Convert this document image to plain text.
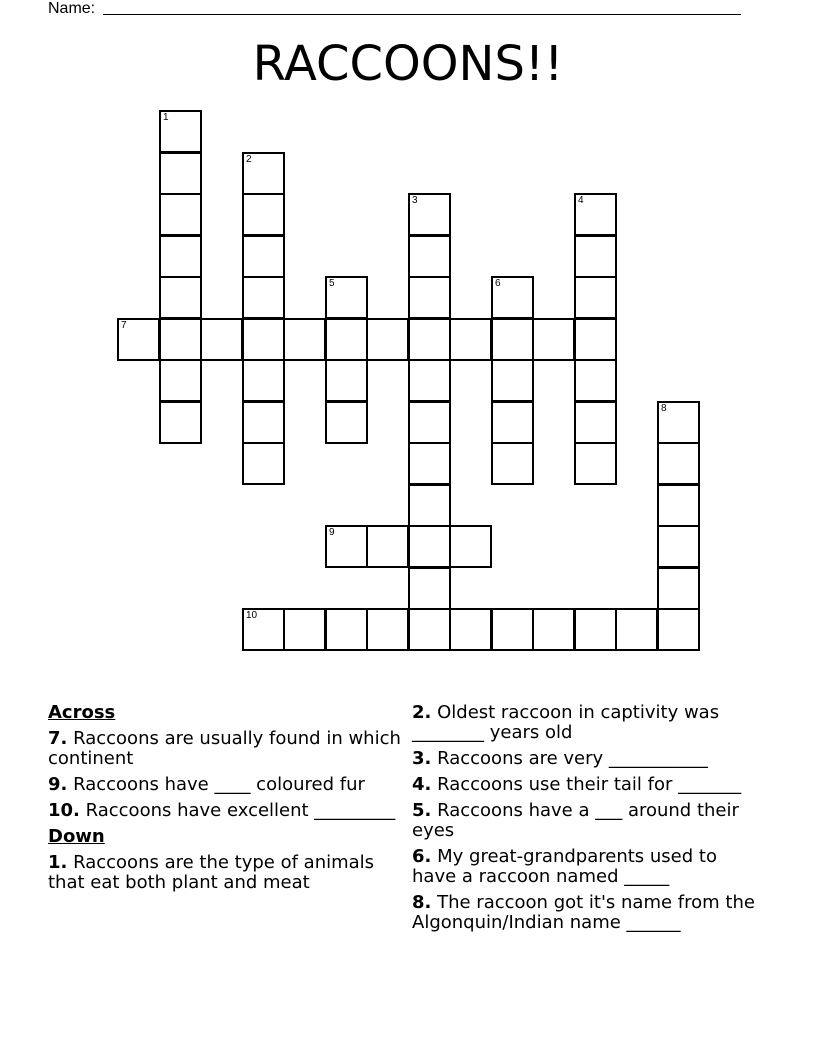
Name:
RACCOONS!!
1
2
3	4
5	6
7
8
9
10
Across
7. Raccoons are usually found in which continent
9. Raccoons have ____ coloured fur
10. Raccoons have excellent _________
Down
1. Raccoons are the type of animals that eat both plant and meat
2. Oldest raccoon in captivity was ________ years old
3. Raccoons are very ___________
4. Raccoons use their tail for _______
5. Raccoons have a ___ around their eyes
6. My great-grandparents used to have a raccoon named _____
8. The raccoon got it's name from the Algonquin/Indian name ______
